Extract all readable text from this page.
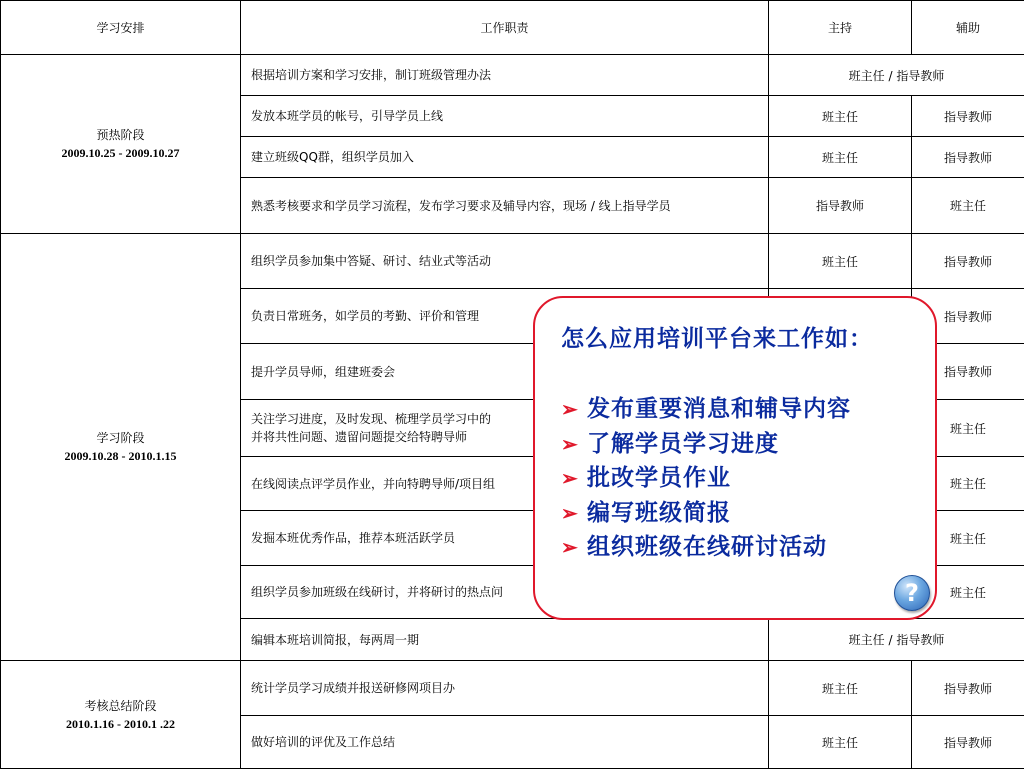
学习安排	工作职责	主持	辅助

预热阶段
2009.10.25 - 2009.10.27	根据培训方案和学习安排，制订班级管理办法	班主任 / 指导教师	
	发放本班学员的帐号，引导学员上线	班主任	指导教师
	建立班级QQ群，组织学员加入	班主任	指导教师
	熟悉考核要求和学员学习流程，发布学习要求及辅导内容，现场 / 线上指导学员	指导教师	班主任

学习阶段
2009.10.28 - 2010.1.15	组织学员参加集中答疑、研讨、结业式等活动	班主任	指导教师
	负责日常班务，如学员的考勤、评价和管理		指导教师
	提升学员导师，组建班委会		指导教师

	关注学习进度，及时发现、梳理学员学习中的
并将共性问题、遗留问题提交给特聘导师		班主任
	在线阅读点评学员作业，并向特聘导师/项目组		班主任
	发掘本班优秀作品，推荐本班活跃学员		班主任
	组织学员参加班级在线研讨，并将研讨的热点问		班主任
	编辑本班培训简报，每两周一期	班主任 / 指导教师	

考核总结阶段
2010.1.16 - 2010.1 .22	统计学员学习成绩并报送研修网项目办	班主任	指导教师
	做好培训的评优及工作总结	班主任	指导教师
怎么应用培训平台来工作如：
➢ 发布重要消息和辅导内容
➢ 了解学员学习进度
➢ 批改学员作业
➢ 编写班级简报
➢ 组织班级在线研讨活动
?
